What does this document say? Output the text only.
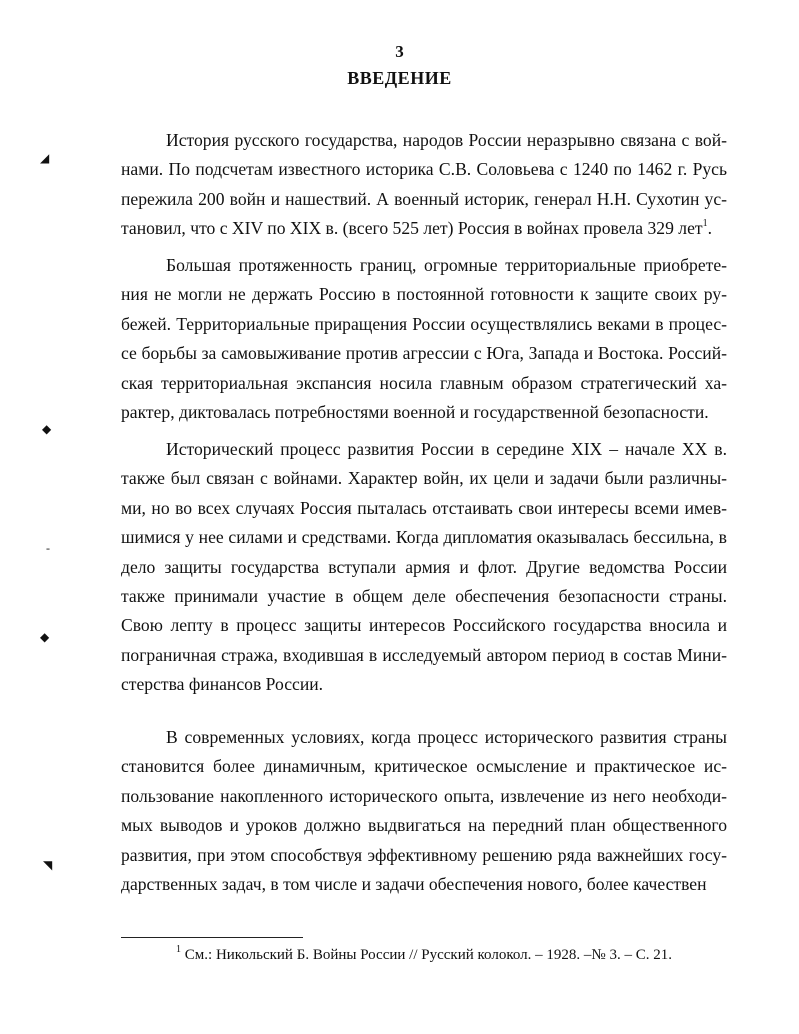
3
ВВЕДЕНИЕ

История русского государства, народов России неразрывно связана с войнами. По подсчетам известного историка С.В. Соловьева с 1240 по 1462 г. Русь пережила 200 войн и нашествий. А военный историк, генерал Н.Н. Сухотин установил, что с XIV по XIX в. (всего 525 лет) Россия в войнах провела 329 лет$^1$.

Большая протяженность границ, огромные территориальные приобретения не могли не держать Россию в постоянной готовности к защите своих рубежей. Территориальные приращения России осуществлялись веками в процессе борьбы за самовыживание против агрессии с Юга, Запада и Востока. Российская территориальная экспансия носила главным образом стратегический характер, диктовалась потребностями военной и государственной безопасности.

Исторический процесс развития России в середине XIX – начале XX в. также был связан с войнами. Характер войн, их цели и задачи были различными, но во всех случаях Россия пыталась отстаивать свои интересы всеми имевшимися у нее силами и средствами. Когда дипломатия оказывалась бессильна, в дело защиты государства вступали армия и флот. Другие ведомства России также принимали участие в общем деле обеспечения безопасности страны. Свою лепту в процесс защиты интересов Российского государства вносила и пограничная стража, входившая в исследуемый автором период в состав Министерства финансов России.

В современных условиях, когда процесс исторического развития страны становится более динамичным, критическое осмысление и практическое использование накопленного исторического опыта, извлечение из него необходимых выводов и уроков должно выдвигаться на передний план общественного развития, при этом способствуя эффективному решению ряда важнейших государственных задач, в том числе и задачи обеспечения нового, более качествен

$^1$ См.: Никольский Б. Войны России // Русский колокол. – 1928. –№ 3. – С. 21.
◢
◆
-
◆
◥
